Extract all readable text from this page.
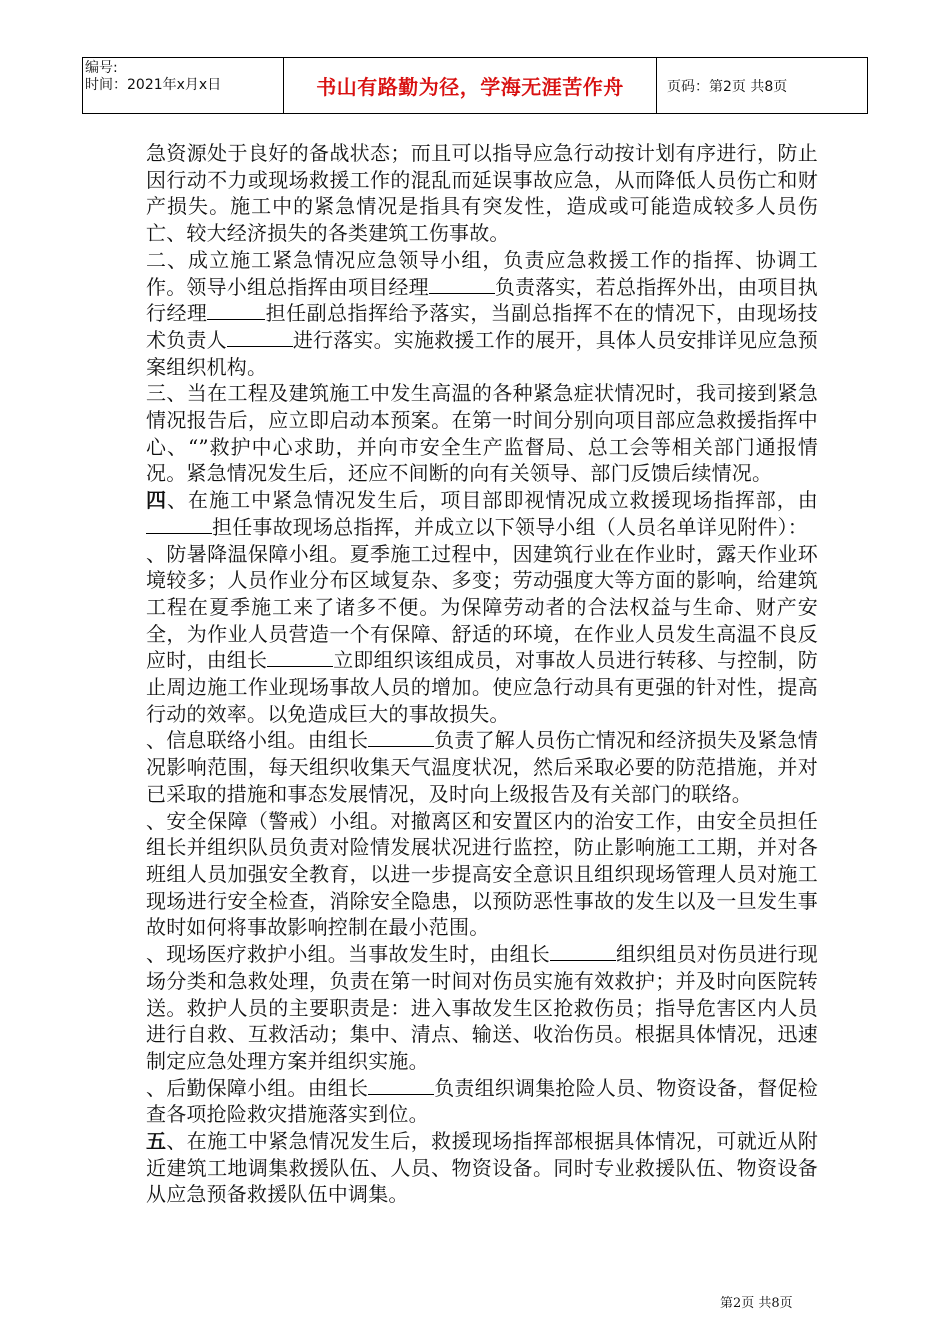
编号:
时间：2021年x月x日	书山有路勤为径，学海无涯苦作舟	页码：第2页 共8页

急资源处于良好的备战状态；而且可以指导应急行动按计划有序进行，防止因行动不力或现场救援工作的混乱而延误事故应急，从而降低人员伤亡和财产损失。施工中的紧急情况是指具有突发性，造成或可能造成较多人员伤亡、较大经济损失的各类建筑工伤事故。

二、成立施工紧急情况应急领导小组，负责应急救援工作的指挥、协调工作。领导小组总指挥由项目经理	负责落实，若总指挥外出，由项目执行经理	担任副总指挥给予落实，当副总指挥不在的情况下，由现场技术负责人	进行落实。实施救援工作的展开，具体人员安排详见应急预案组织机构。

三、当在工程及建筑施工中发生高温的各种紧急症状情况时，我司接到紧急情况报告后，应立即启动本预案。在第一时间分别向项目部应急救援指挥中心、“”救护中心求助，并向市安全生产监督局、总工会等相关部门通报情况。紧急情况发生后，还应不间断的向有关领导、部门反馈后续情况。

四、在施工中紧急情况发生后，项目部即视情况成立救援现场指挥部，由担任事故现场总指挥，并成立以下领导小组（人员名单详见附件）：

、防暑降温保障小组。夏季施工过程中，因建筑行业在作业时，露天作业环境较多；人员作业分布区域复杂、多变；劳动强度大等方面的影响，给建筑工程在夏季施工来了诸多不便。为保障劳动者的合法权益与生命、财产安全，为作业人员营造一个有保障、舒适的环境，在作业人员发生高温不良反应时，由组长	立即组织该组成员，对事故人员进行转移、与控制，防止周边施工作业现场事故人员的增加。使应急行动具有更强的针对性，提高行动的效率。以免造成巨大的事故损失。

、信息联络小组。由组长	负责了解人员伤亡情况和经济损失及紧急情况影响范围，每天组织收集天气温度状况，然后采取必要的防范措施，并对已采取的措施和事态发展情况，及时向上级报告及有关部门的联络。

、安全保障（警戒）小组。对撤离区和安置区内的治安工作，由安全员担任组长并组织队员负责对险情发展状况进行监控，防止影响施工工期，并对各班组人员加强安全教育，以进一步提高安全意识且组织现场管理人员对施工现场进行安全检查，消除安全隐患，以预防恶性事故的发生以及一旦发生事故时如何将事故影响控制在最小范围。

、现场医疗救护小组。当事故发生时，由组长	组织组员对伤员进行现场分类和急救处理，负责在第一时间对伤员实施有效救护；并及时向医院转送。救护人员的主要职责是：进入事故发生区抢救伤员；指导危害区内人员进行自救、互救活动；集中、清点、输送、收治伤员。根据具体情况，迅速制定应急处理方案并组织实施。

、后勤保障小组。由组长	负责组织调集抢险人员、物资设备，督促检查各项抢险救灾措施落实到位。

五、在施工中紧急情况发生后，救援现场指挥部根据具体情况，可就近从附近建筑工地调集救援队伍、人员、物资设备。同时专业救援队伍、物资设备从应急预备救援队伍中调集。

第2页 共8页
